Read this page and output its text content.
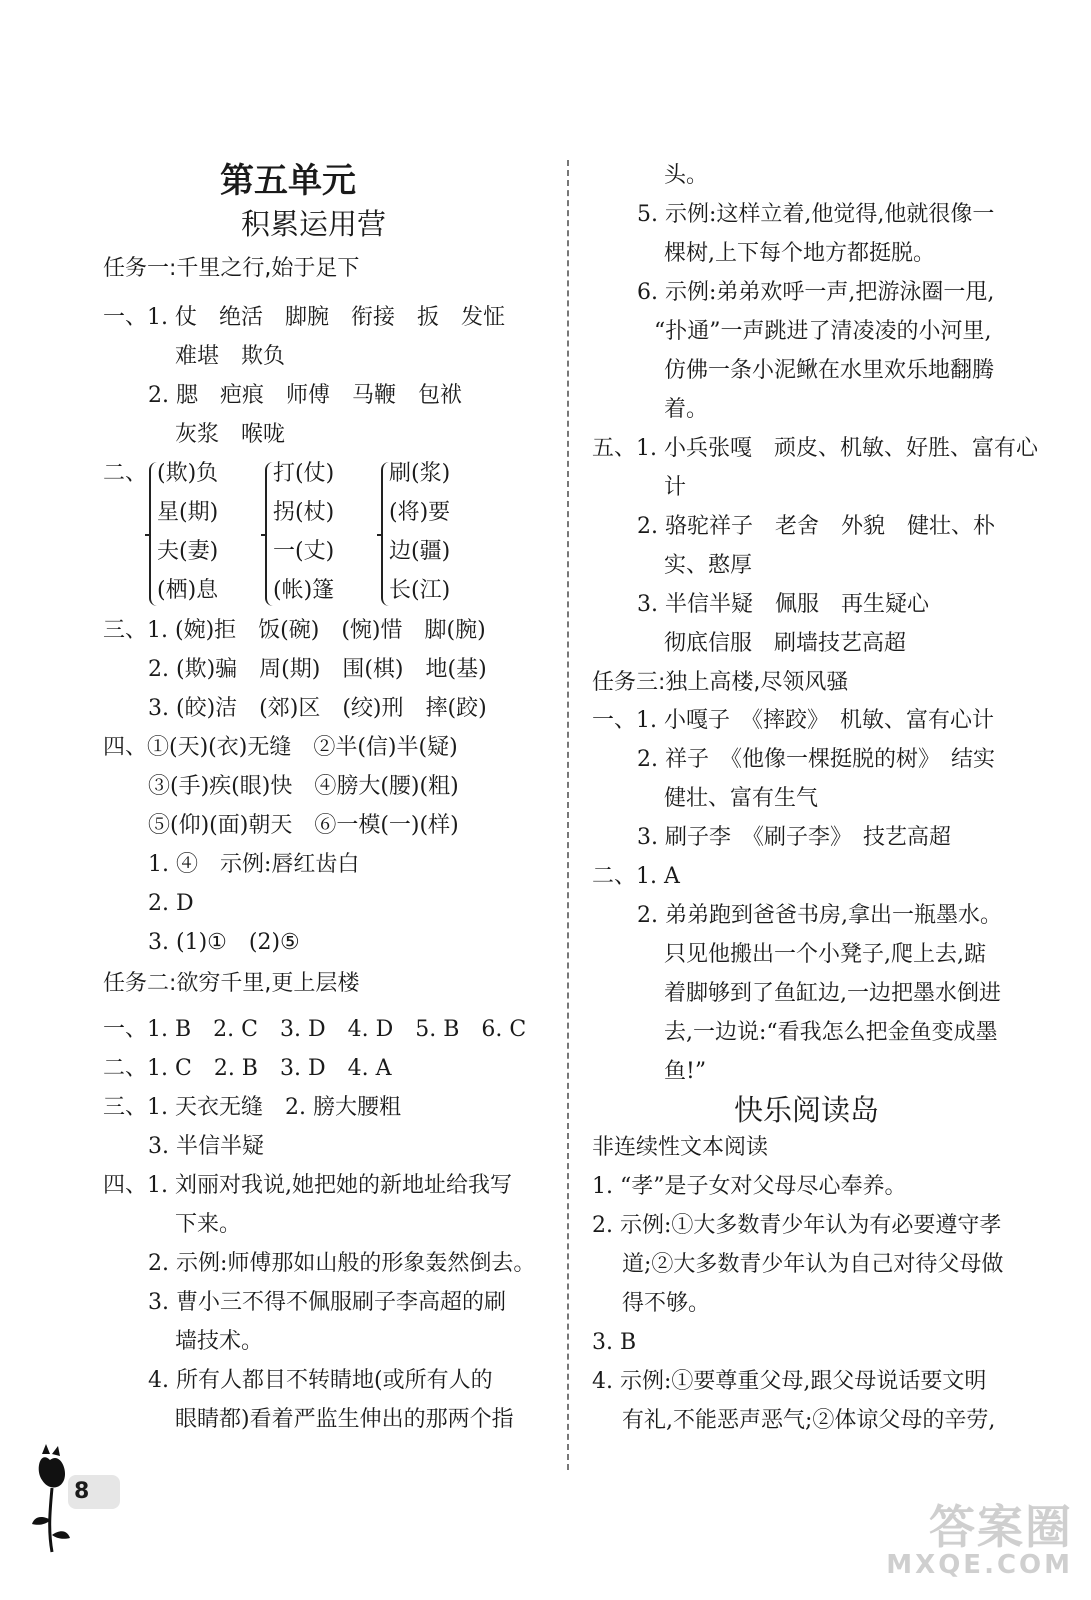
第五单元
积累运用营
任务一:千里之行,始于足下
一、1. 仗　绝活　脚腕　衔接　扳　发怔
难堪　欺负
2. 腮　疤痕　师傅　马鞭　包袱
灰浆　喉咙
二、 (欺)负
星(期)
夫(妻)
(栖)息
打(仗)
拐(杖)
一(丈)
(帐)篷
刷(浆)
(将)要
边(疆)
长(江)
三、1. (婉)拒　饭(碗)　(惋)惜　脚(腕)
2. (欺)骗　周(期)　围(棋)　地(基)
3. (皎)洁　(郊)区　(绞)刑　摔(跤)
四、①(天)(衣)无缝　②半(信)半(疑)
③(手)疾(眼)快　④膀大(腰)(粗)
⑤(仰)(面)朝天　⑥一模(一)(样)
1. ④　示例:唇红齿白
2. D
3. (1)①　(2)⑤
任务二:欲穷千里,更上层楼
一、1. B　2. C　3. D　4. D　5. B　6. C
二、1. C　2. B　3. D　4. A
三、1. 天衣无缝　2. 膀大腰粗
3. 半信半疑
四、1. 刘丽对我说,她把她的新地址给我写
下来。
2. 示例:师傅那如山般的形象轰然倒去。
3. 曹小三不得不佩服刷子李高超的刷
墙技术。
4. 所有人都目不转睛地(或所有人的
眼睛都)看着严监生伸出的那两个指
头。
5. 示例:这样立着,他觉得,他就很像一
棵树,上下每个地方都挺脱。
6. 示例:弟弟欢呼一声,把游泳圈一甩,
“扑通”一声跳进了清凌凌的小河里,
仿佛一条小泥鳅在水里欢乐地翻腾
着。
五、1. 小兵张嘎　顽皮、机敏、好胜、富有心
计
2. 骆驼祥子　老舍　外貌　健壮、朴
实、憨厚
3. 半信半疑　佩服　再生疑心
彻底信服　刷墙技艺高超
任务三:独上高楼,尽领风骚
一、1. 小嘎子　《摔跤》　机敏、富有心计
2. 祥子　《他像一棵挺脱的树》　结实
健壮、富有生气
3. 刷子李　《刷子李》　技艺高超
二、1. A
2. 弟弟跑到爸爸书房,拿出一瓶墨水。
只见他搬出一个小凳子,爬上去,踮
着脚够到了鱼缸边,一边把墨水倒进
去,一边说:“看我怎么把金鱼变成墨
鱼!”
快乐阅读岛
非连续性文本阅读
1. “孝”是子女对父母尽心奉养。
2. 示例:①大多数青少年认为有必要遵守孝
道;②大多数青少年认为自己对待父母做
得不够。
3. B
4. 示例:①要尊重父母,跟父母说话要文明
有礼,不能恶声恶气;②体谅父母的辛劳,
8
答案圈
MXQE.COM
